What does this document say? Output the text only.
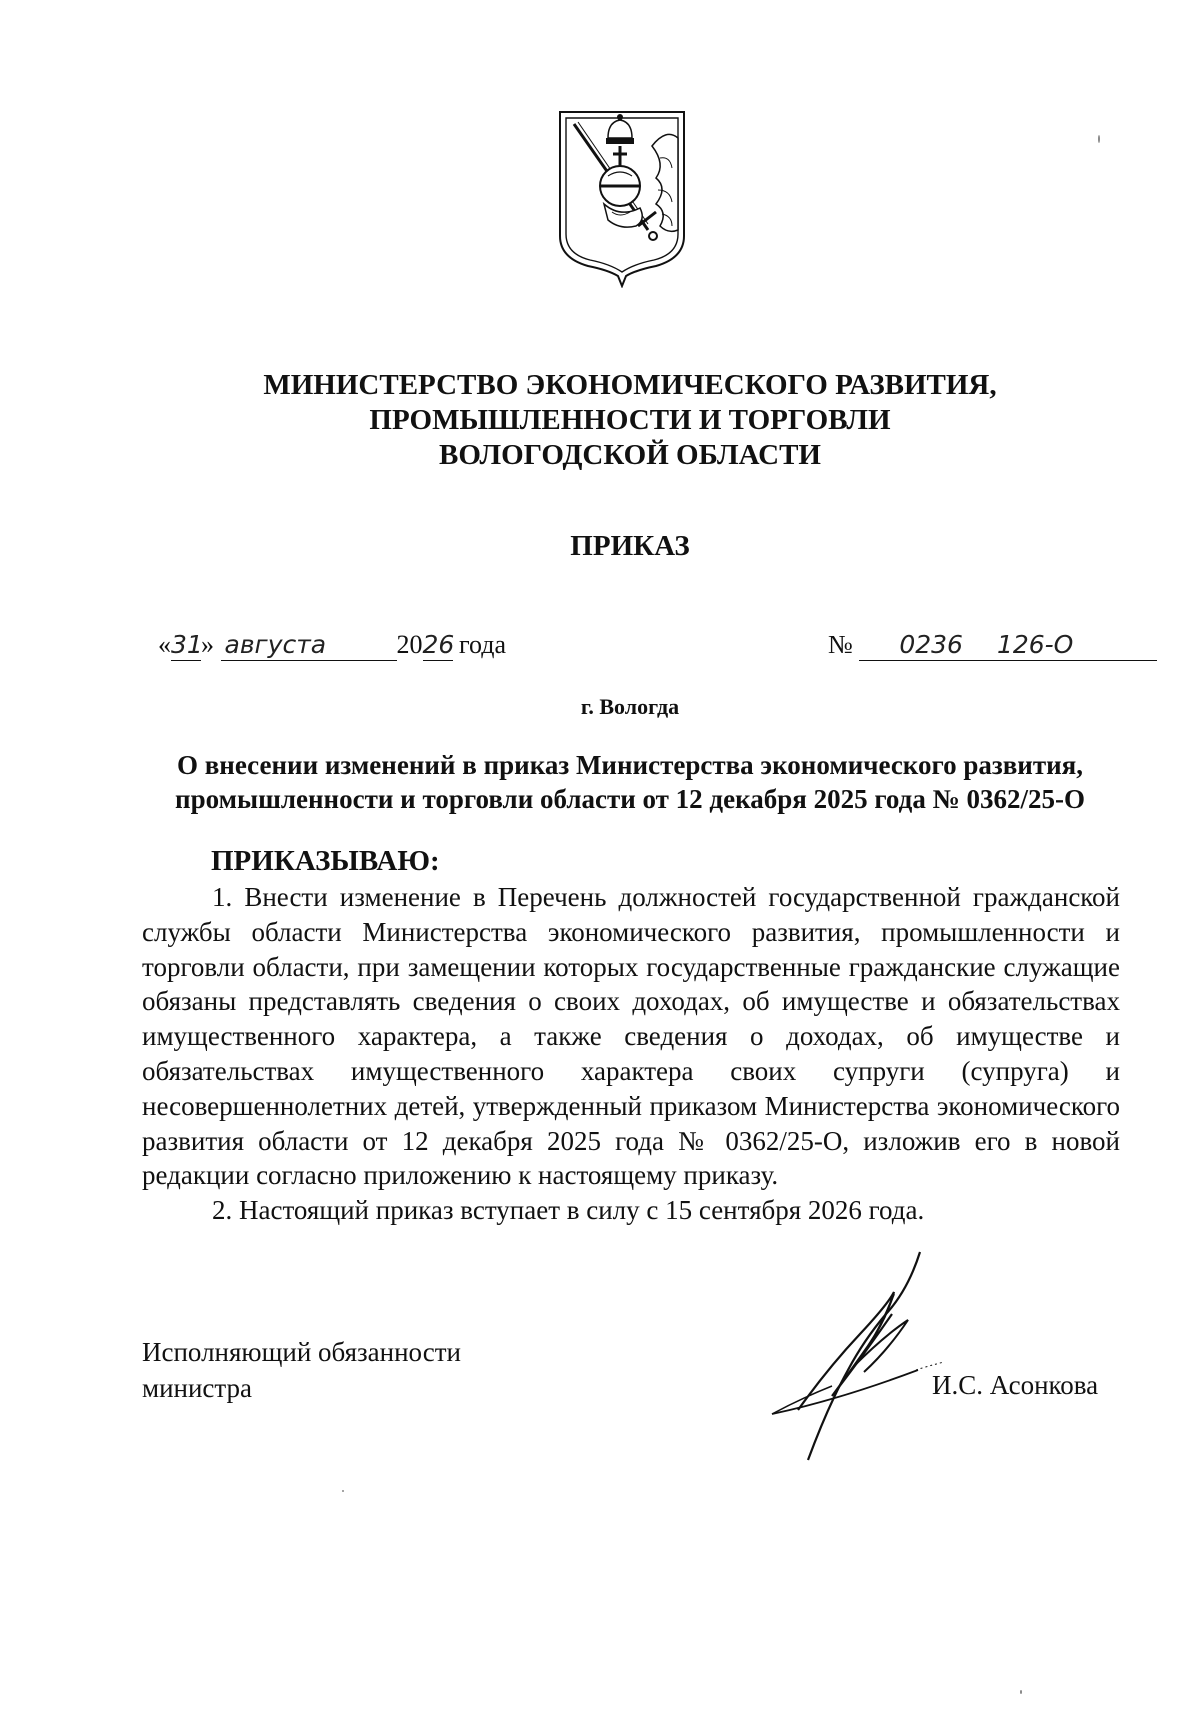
МИНИСТЕРСТВО ЭКОНОМИЧЕСКОГО РАЗВИТИЯ,
ПРОМЫШЛЕННОСТИ И ТОРГОВЛИ
ВОЛОГОДСКОЙ ОБЛАСТИ
ПРИКАЗ
«31» августа	2026 года	№ 0236 126-О
г. Вологда
О внесении изменений в приказ Министерства экономического развития,
промышленности и торговли области от 12 декабря 2025 года № 0362/25-О
ПРИКАЗЫВАЮ:

1. Внести изменение в Перечень должностей государственной гражданской службы области Министерства экономического развития, промышленности и торговли области, при замещении которых государственные гражданские служащие обязаны представлять сведения о своих доходах, об имуществе и обязательствах имущественного характера, а также сведения о доходах, об имуществе и обязательствах имущественного характера своих супруги (супруга) и несовершеннолетних детей, утвержденный приказом Министерства экономического развития области от 12 декабря 2025 года № 0362/25-О, изложив его в новой редакции согласно приложению к настоящему приказу.

2. Настоящий приказ вступает в силу с 15 сентября 2026 года.

Исполняющий обязанности
министра	И.С. Асонкова
